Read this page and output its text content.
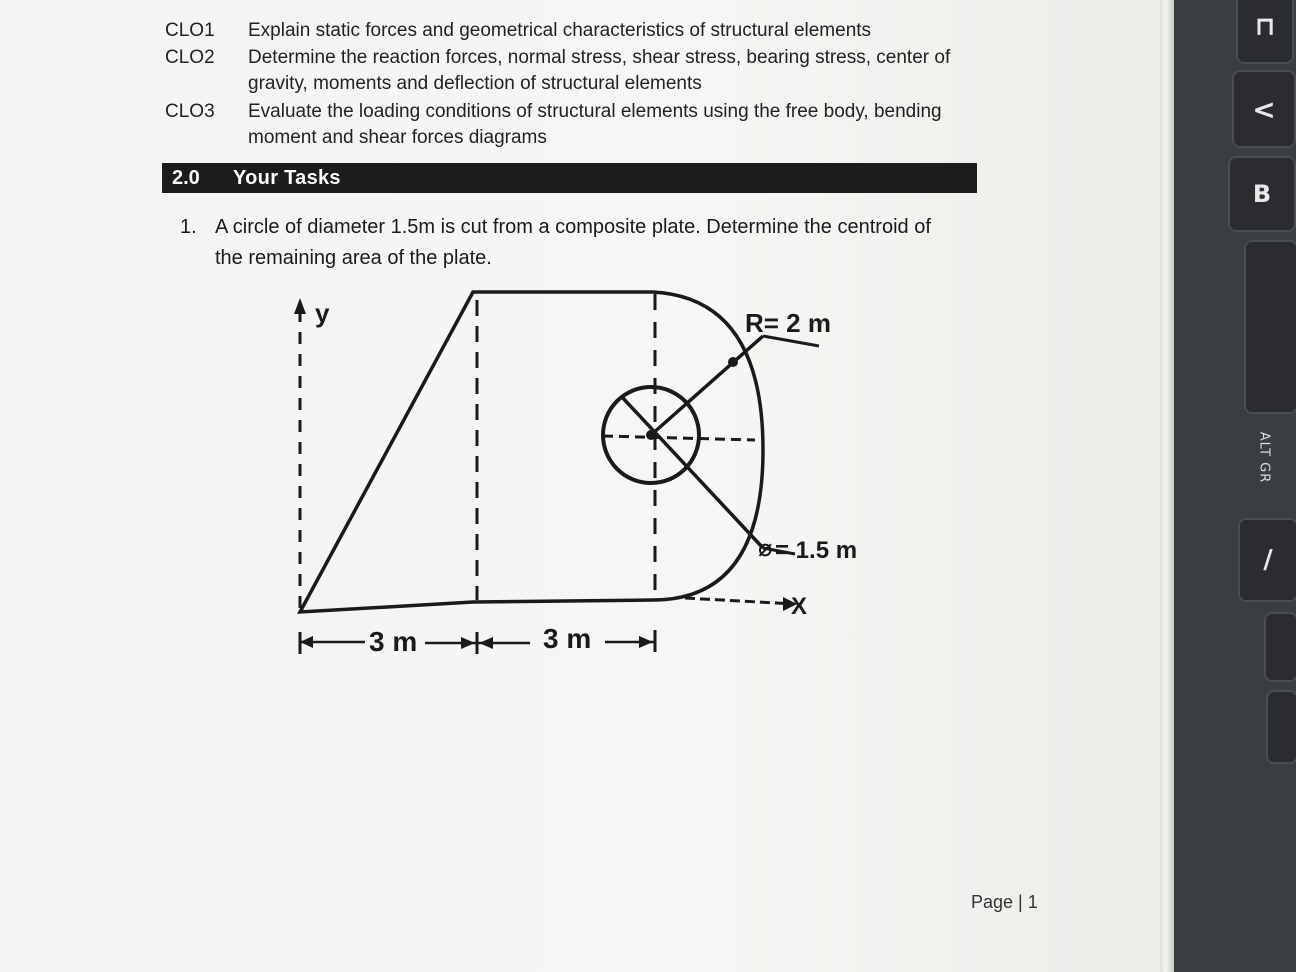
CLO1	Explain static forces and geometrical characteristics of structural elements
CLO2	Determine the reaction forces, normal stress, shear stress, bearing stress, center of
gravity, moments and deflection of structural elements
CLO3	Evaluate the loading conditions of structural elements using the free body, bending
moment and shear forces diagrams
2.0 Your Tasks
1. A circle of diameter 1.5m is cut from a composite plate. Determine the centroid of
the remaining area of the plate.
y
X
R= 2 m
= 1.5 m
⌀
3 m	3 m
Page | 1
⊓
<
B
/
ALT GR
